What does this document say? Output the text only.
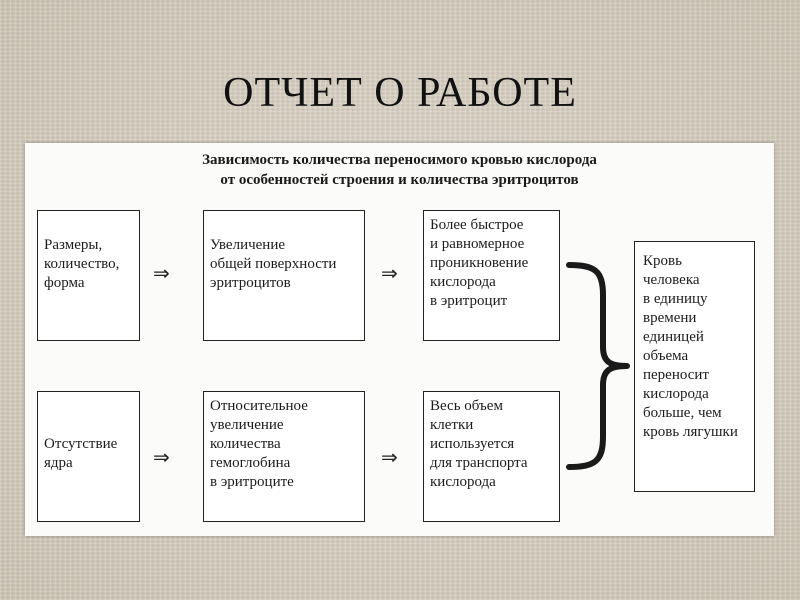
ОТЧЕТ О РАБОТЕ
Зависимость количества переносимого кровью кислорода
от особенностей строения и количества эритроцитов
Размеры,
количество,
форма	⇒
Увеличение
общей поверхности
эритроцитов	⇒
Более быстрое
и равномерное
проникновение
кислорода
в эритроцит
Отсутствие
ядра	⇒
Относительное
увеличение
количества
гемоглобина
в эритроците
⇒
Весь объем
клетки
используется
для транспорта
кислорода
Кровь
человека
в единицу
времени
единицей
объема
переносит
кислорода
больше, чем
кровь лягушки
